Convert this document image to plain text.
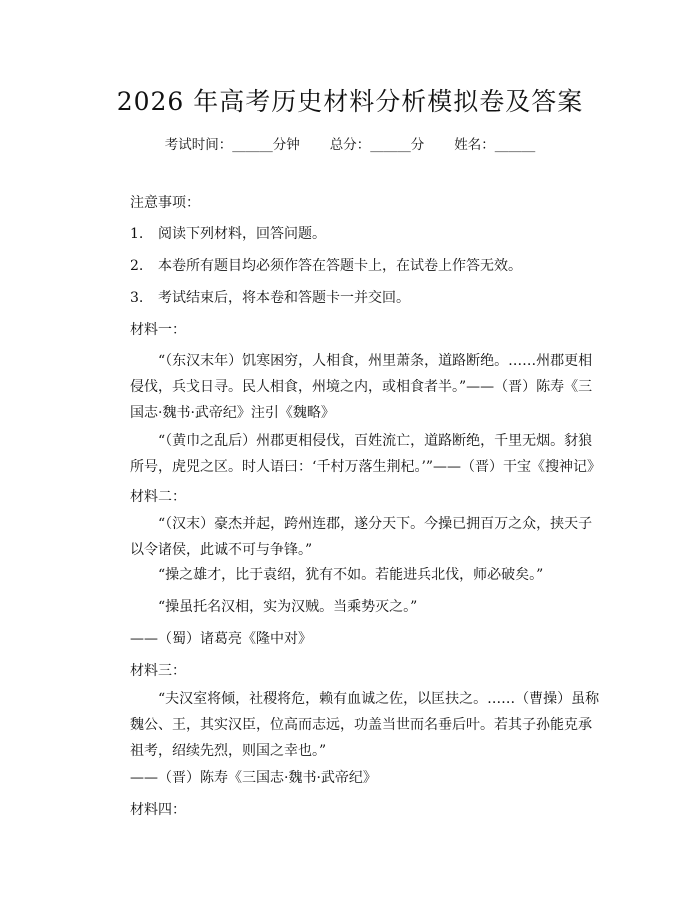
2026 年高考历史材料分析模拟卷及答案
考试时间：______分钟 总分：______分 姓名：______
注意事项：
1. 阅读下列材料，回答问题。
2. 本卷所有题目均必须作答在答题卡上，在试卷上作答无效。
3. 考试结束后，将本卷和答题卡一并交回。
材料一：
“（东汉末年）饥寒困穷，人相食，州里萧条，道路断绝。……州郡更相侵伐，兵戈日寻。民人相食，州境之内，或相食者半。”——（晋）陈寿《三国志·魏书·武帝纪》注引《魏略》
“（黄巾之乱后）州郡更相侵伐，百姓流亡，道路断绝，千里无烟。豺狼所号，虎兕之区。时人语曰：‘千村万落生荆杞。’”——（晋）干宝《搜神记》
材料二：
“（汉末）豪杰并起，跨州连郡，遂分天下。今操已拥百万之众，挟天子以令诸侯，此诚不可与争锋。”
“操之雄才，比于袁绍，犹有不如。若能进兵北伐，师必破矣。”
“操虽托名汉相，实为汉贼。当乘势灭之。”
——（蜀）诸葛亮《隆中对》
材料三：
“夫汉室将倾，社稷将危，赖有血诚之佐，以匡扶之。……（曹操）虽称魏公、王，其实汉臣，位高而志远，功盖当世而名垂后叶。若其子孙能克承祖考，绍续先烈，则国之幸也。”
——（晋）陈寿《三国志·魏书·武帝纪》
材料四：
